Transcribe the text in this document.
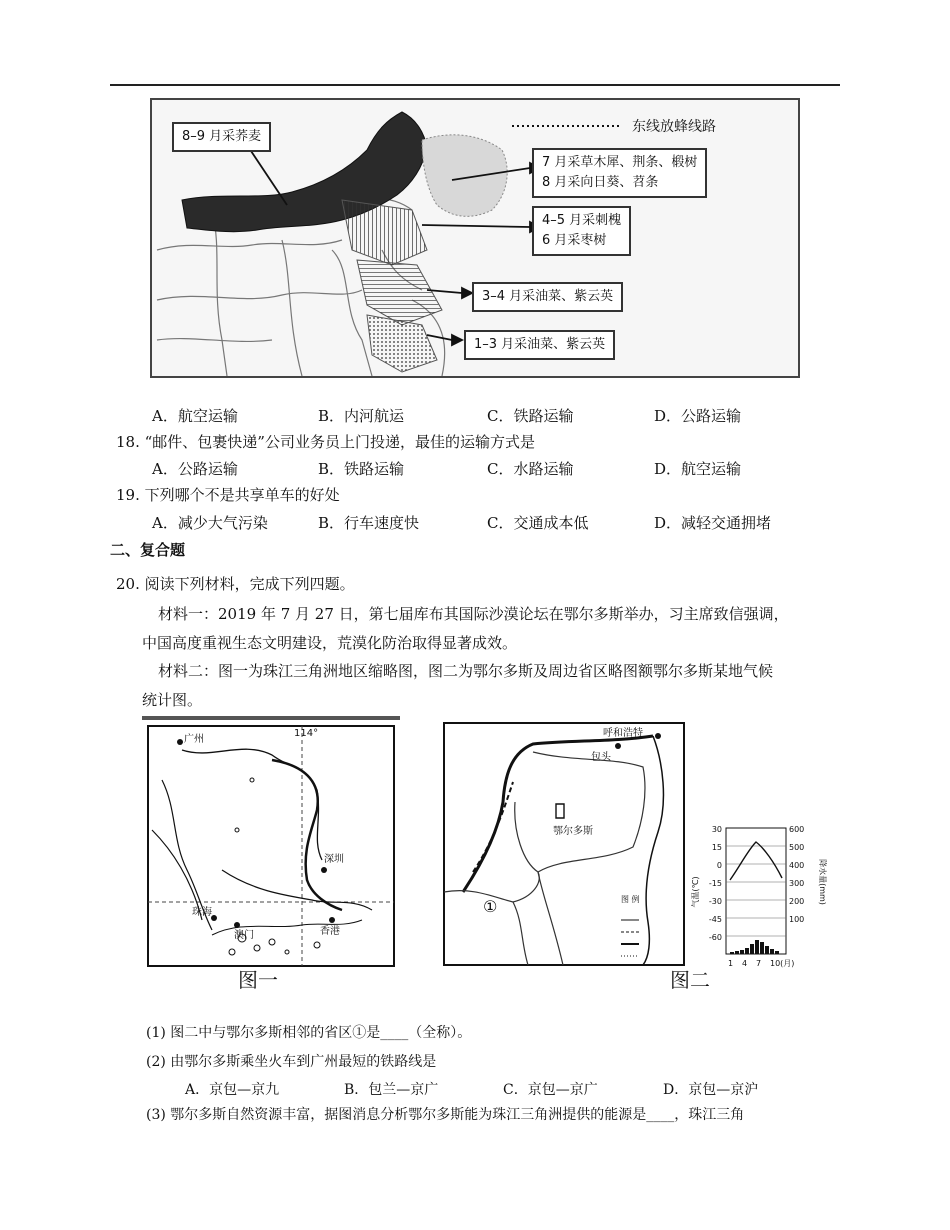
东线放蜂线路
8–9 月采荞麦
7 月采草木犀、荆条、椴树
8 月采向日葵、苕条
4–5 月采刺槐
6 月采枣树
3–4 月采油菜、紫云英
1–3 月采油菜、紫云英
A．航空运输	B．内河航运	C．铁路运输	D．公路运输
18. “邮件、包裹快递”公司业务员上门投递，最佳的运输方式是
A．公路运输	B．铁路运输	C．水路运输	D．航空运输
19. 下列哪个不是共享单车的好处
A．减少大气污染	B．行车速度快	C．交通成本低	D．减轻交通拥堵
二、复合题
20. 阅读下列材料，完成下列四题。
材料一：2019 年 7 月 27 日，第七届库布其国际沙漠论坛在鄂尔多斯举办，习主席致信强调，
中国高度重视生态文明建设，荒漠化防治取得显著成效。
材料二：图一为珠江三角洲地区缩略图，图二为鄂尔多斯及周边省区略图额鄂尔多斯某地气候
统计图。
广州
114°
深圳
珠海
澳门	香港
图一
呼和浩特
包头
鄂尔多斯
①	图 例
图二
30
15
0
-15
-30
-45
-60
600
500
400
300
200
100
气温(℃)	降水量(mm)
1 4 7 10(月)
(1) 图二中与鄂尔多斯相邻的省区①是____（全称）。
(2) 由鄂尔多斯乘坐火车到广州最短的铁路线是
A．京包—京九	B．包兰—京广	C．京包—京广	D．京包—京沪
(3) 鄂尔多斯自然资源丰富，据图消息分析鄂尔多斯能为珠江三角洲提供的能源是____，珠江三角
